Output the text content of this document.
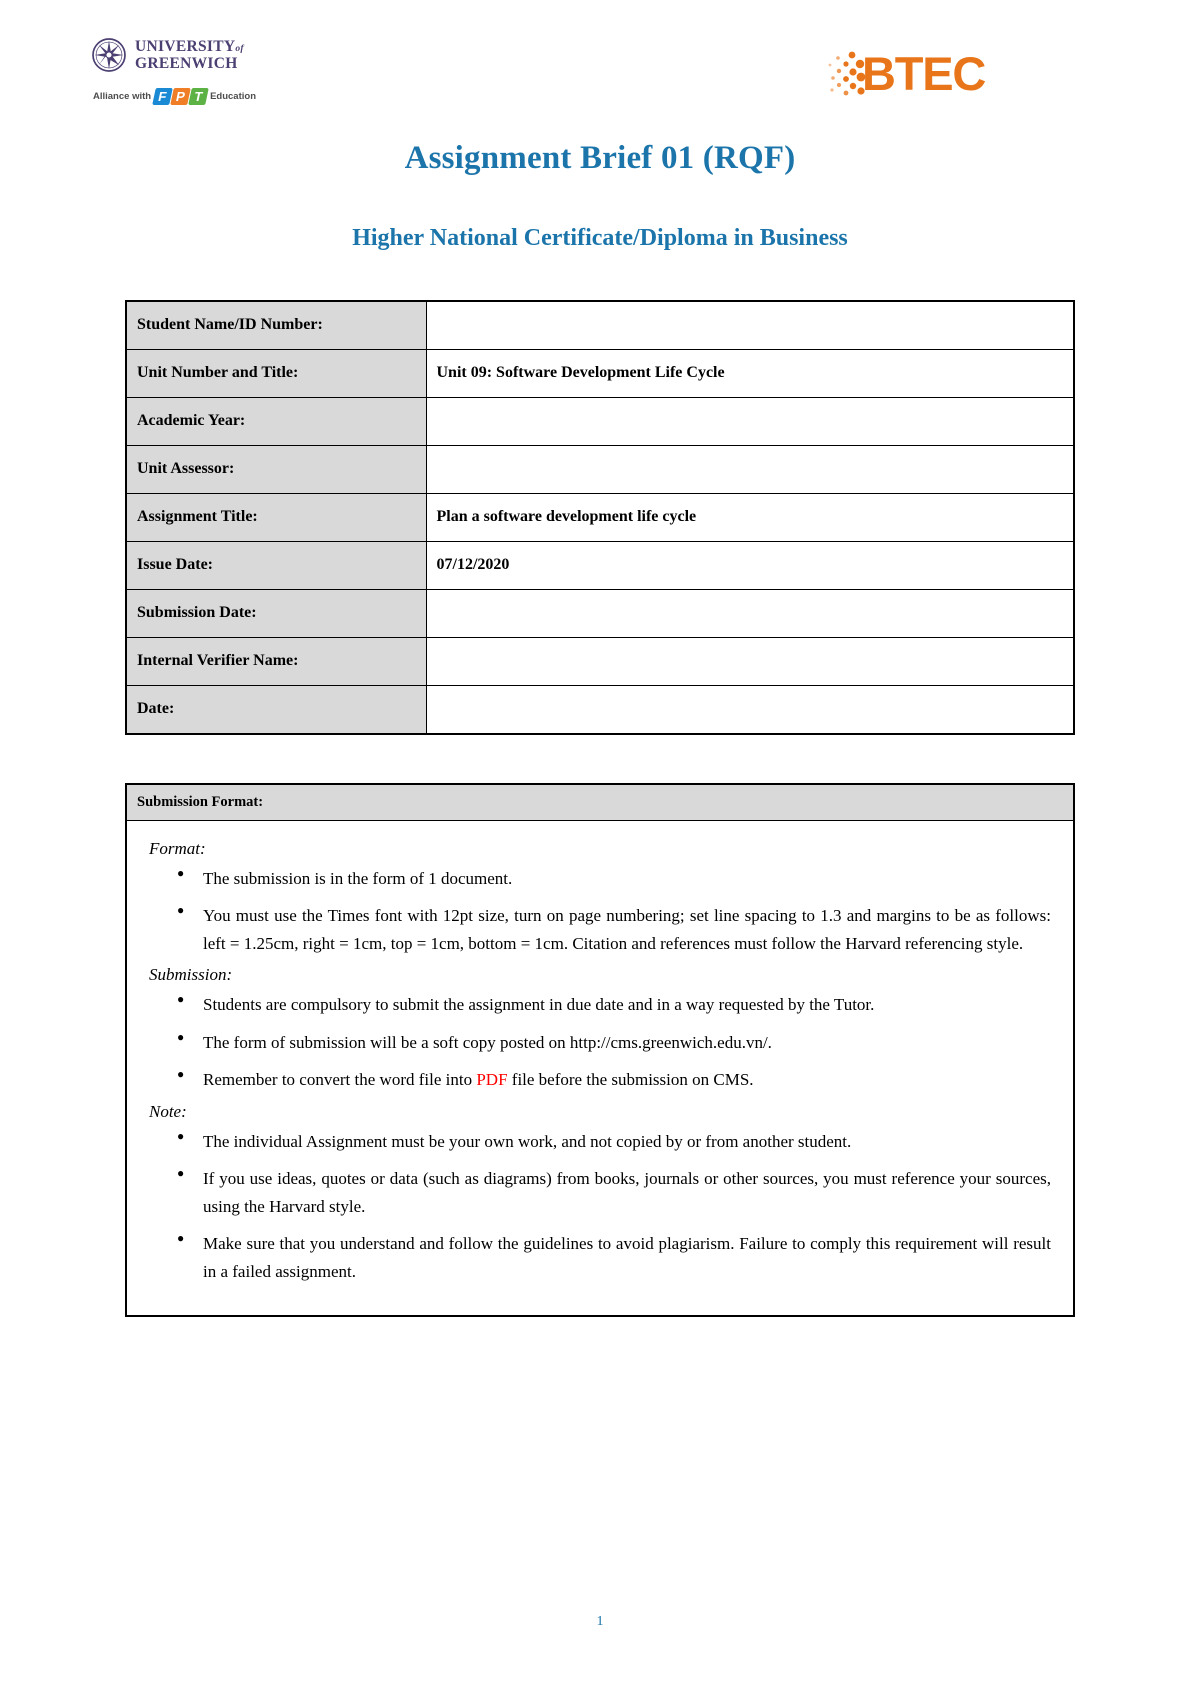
UNIVERSITYof
GREENWICH
Alliance with F P T Education	BTEC
Assignment Brief 01 (RQF)
Higher National Certificate/Diploma in Business
Student Name/ID Number:	
Unit Number and Title:	Unit 09: Software Development Life Cycle
Academic Year:	
Unit Assessor:	
Assignment Title:	Plan a software development life cycle
Issue Date:	07/12/2020
Submission Date:	
Internal Verifier Name:	
Date:	
Submission Format:

Format:
● The submission is in the form of 1 document.
● You must use the Times font with 12pt size, turn on page numbering; set line spacing to 1.3 and margins to be as follows: left = 1.25cm, right = 1cm, top = 1cm, bottom = 1cm. Citation and references must follow the Harvard referencing style.
Submission:
● Students are compulsory to submit the assignment in due date and in a way requested by the Tutor.
● The form of submission will be a soft copy posted on http://cms.greenwich.edu.vn/.
● Remember to convert the word file into PDF file before the submission on CMS.
Note:
● The individual Assignment must be your own work, and not copied by or from another student.
● If you use ideas, quotes or data (such as diagrams) from books, journals or other sources, you must reference your sources, using the Harvard style.
● Make sure that you understand and follow the guidelines to avoid plagiarism. Failure to comply this requirement will result in a failed assignment.
1
